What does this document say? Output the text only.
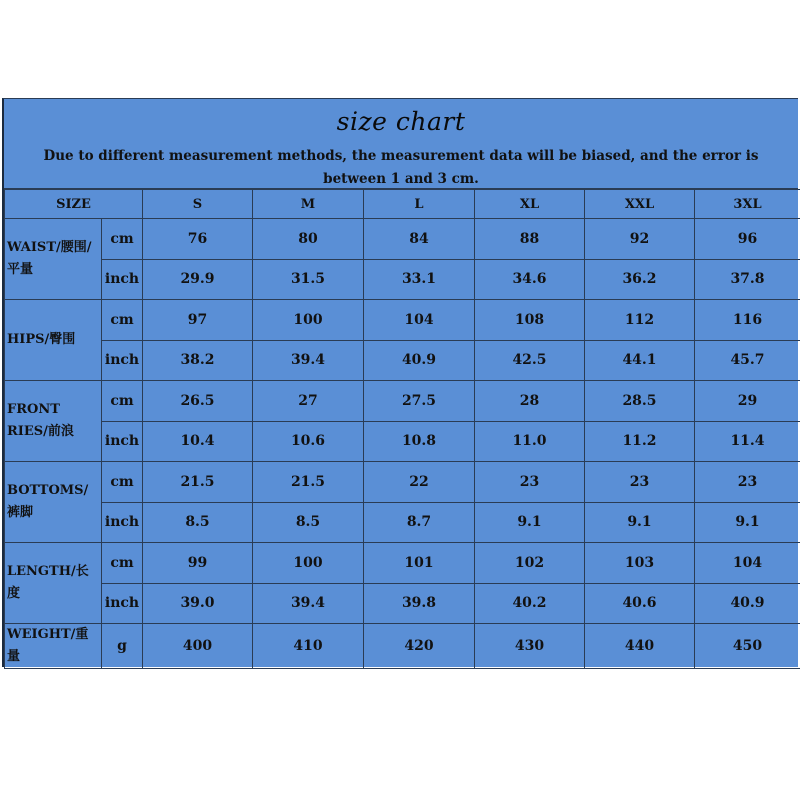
size chart
Due to different measurement methods, the measurement data will be biased, and the error is between 1 and 3 cm.
SIZE		S	M	L	XL	XXL	3XL
WAIST/腰围/平量	cm	76	80	84	88	92	96
	inch	29.9	31.5	33.1	34.6	36.2	37.8
HIPS/臀围	cm	97	100	104	108	112	116
	inch	38.2	39.4	40.9	42.5	44.1	45.7
FRONT RIES/前浪	cm	26.5	27	27.5	28	28.5	29
	inch	10.4	10.6	10.8	11.0	11.2	11.4
BOTTOMS/裤脚	cm	21.5	21.5	22	23	23	23
	inch	8.5	8.5	8.7	9.1	9.1	9.1
LENGTH/长度	cm	99	100	101	102	103	104
	inch	39.0	39.4	39.8	40.2	40.6	40.9
WEIGHT/重量	g	400	410	420	430	440	450
